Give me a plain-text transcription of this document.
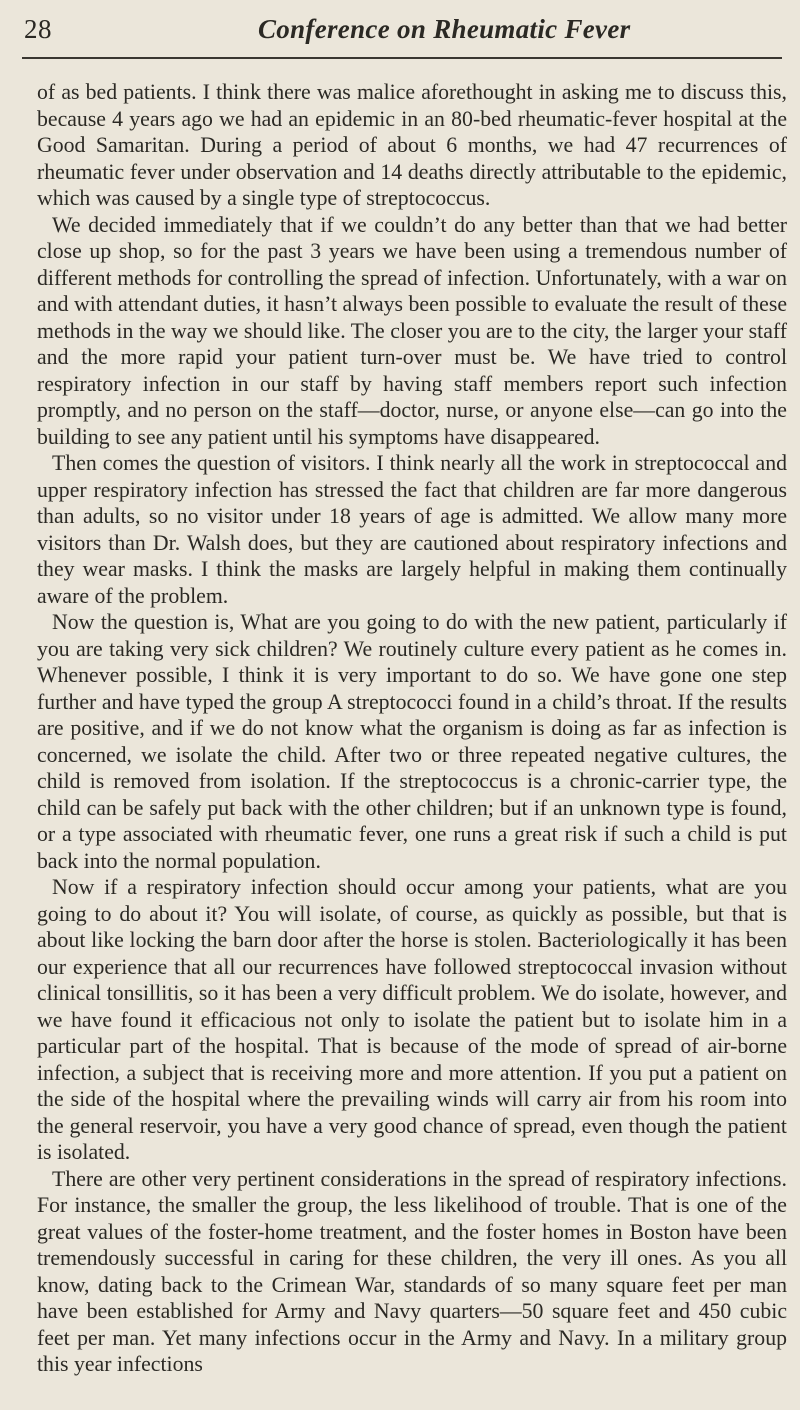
28	Conference on Rheumatic Fever

of as bed patients. I think there was malice aforethought in asking me to discuss this, because 4 years ago we had an epidemic in an 80-bed rheumatic-fever hospital at the Good Samaritan. During a period of about 6 months, we had 47 recurrences of rheumatic fever under observation and 14 deaths directly attributable to the epidemic, which was caused by a single type of streptococcus.

We decided immediately that if we couldn’t do any better than that we had better close up shop, so for the past 3 years we have been using a tremendous number of different methods for controlling the spread of infection. Unfortunately, with a war on and with attendant duties, it hasn’t always been possible to evaluate the result of these methods in the way we should like. The closer you are to the city, the larger your staff and the more rapid your patient turn-over must be. We have tried to control respiratory infection in our staff by having staff members report such infection promptly, and no person on the staff—doctor, nurse, or anyone else—can go into the building to see any patient until his symptoms have disappeared.

Then comes the question of visitors. I think nearly all the work in streptococcal and upper respiratory infection has stressed the fact that children are far more dangerous than adults, so no visitor under 18 years of age is admitted. We allow many more visitors than Dr. Walsh does, but they are cautioned about respiratory infections and they wear masks. I think the masks are largely helpful in making them continually aware of the problem.

Now the question is, What are you going to do with the new patient, particularly if you are taking very sick children? We routinely culture every patient as he comes in. Whenever possible, I think it is very important to do so. We have gone one step further and have typed the group A streptococci found in a child’s throat. If the results are positive, and if we do not know what the organism is doing as far as infection is concerned, we isolate the child. After two or three repeated negative cultures, the child is removed from isolation. If the streptococcus is a chronic-carrier type, the child can be safely put back with the other children; but if an unknown type is found, or a type associated with rheumatic fever, one runs a great risk if such a child is put back into the normal population.

Now if a respiratory infection should occur among your patients, what are you going to do about it? You will isolate, of course, as quickly as possible, but that is about like locking the barn door after the horse is stolen. Bacteriologically it has been our experience that all our recurrences have followed streptococcal invasion without clinical tonsillitis, so it has been a very difficult problem. We do isolate, however, and we have found it efficacious not only to isolate the patient but to isolate him in a particular part of the hospital. That is because of the mode of spread of air-borne infection, a subject that is receiving more and more attention. If you put a patient on the side of the hospital where the prevailing winds will carry air from his room into the general reservoir, you have a very good chance of spread, even though the patient is isolated.

There are other very pertinent considerations in the spread of respiratory infections. For instance, the smaller the group, the less likelihood of trouble. That is one of the great values of the foster-home treatment, and the foster homes in Boston have been tremendously successful in caring for these children, the very ill ones. As you all know, dating back to the Crimean War, standards of so many square feet per man have been established for Army and Navy quarters—50 square feet and 450 cubic feet per man. Yet many infections occur in the Army and Navy. In a military group this year infections
